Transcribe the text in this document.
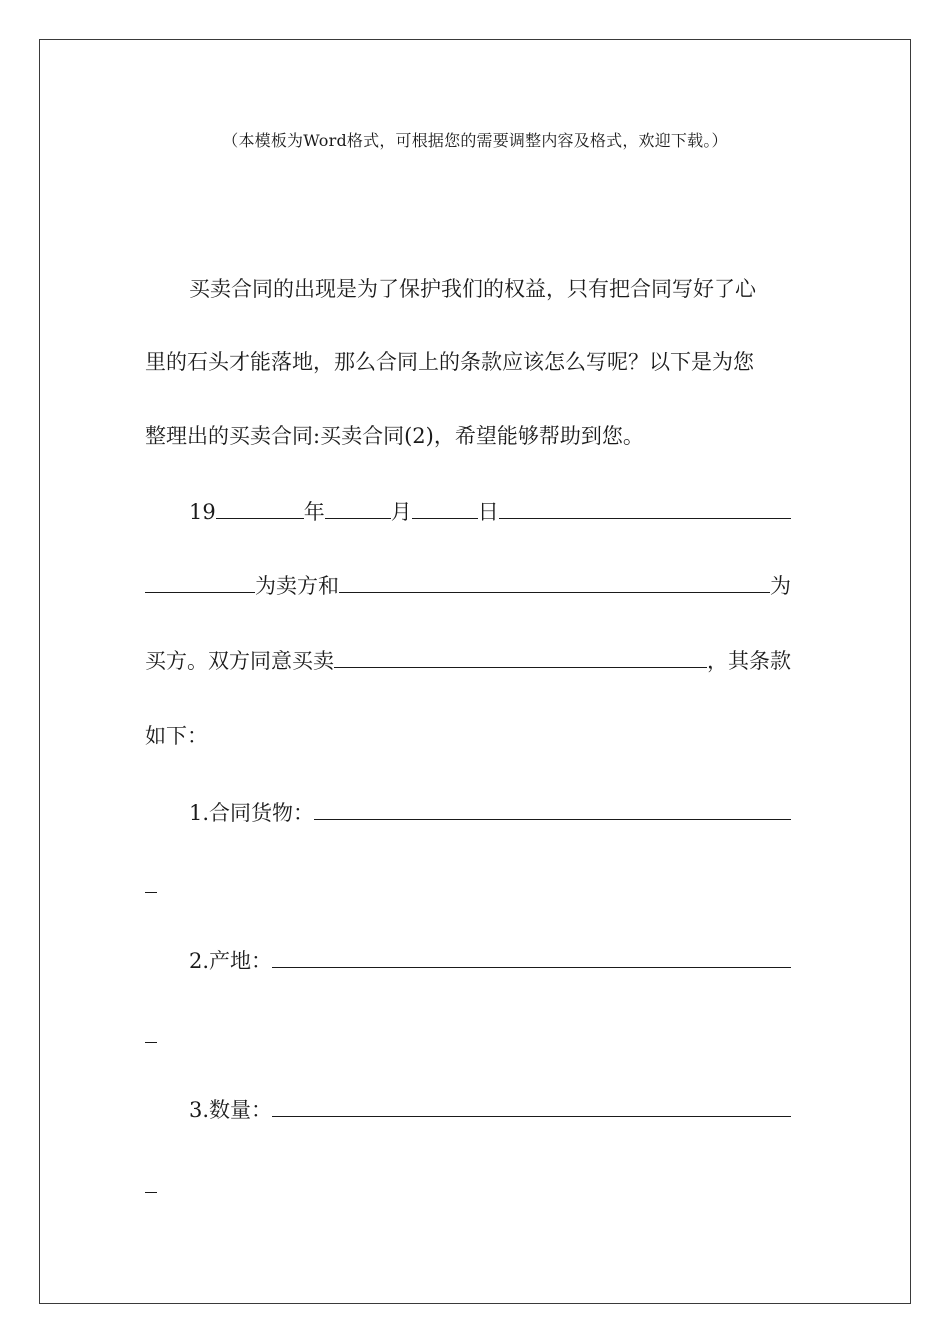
（本模板为Word格式，可根据您的需要调整内容及格式，欢迎下载。）
买卖合同的出现是为了保护我们的权益，只有把合同写好了心
里的石头才能落地，那么合同上的条款应该怎么写呢？以下是为您
整理出的买卖合同:买卖合同(2)，希望能够帮助到您。
19	年	月	日
为卖方和	为
买方。双方同意买卖	，其条款
如下：
1.合同货物：
2.产地：
3.数量：
